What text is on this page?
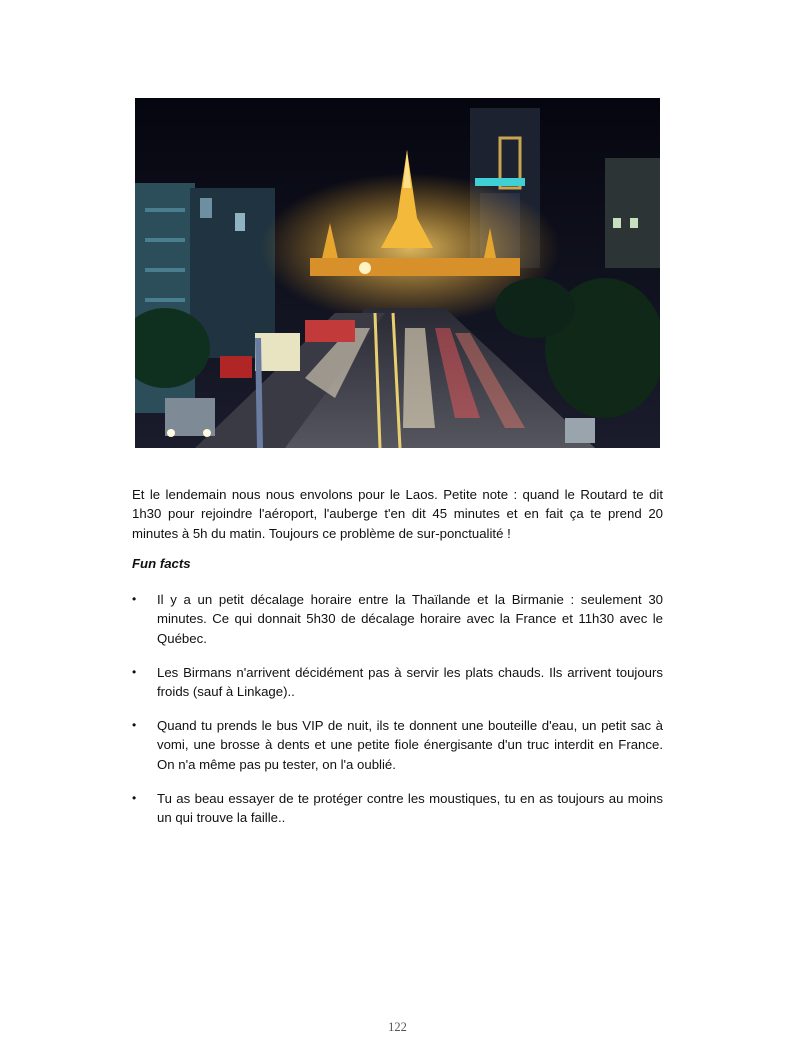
Et le lendemain nous nous envolons pour le Laos. Petite note : quand le Routard te dit 1h30 pour rejoindre l'aéroport, l'auberge t'en dit 45 minutes et en fait ça te prend 20 minutes à 5h du matin. Toujours ce problème de sur-ponctualité !
Fun facts
• Il y a un petit décalage horaire entre la Thaïlande et la Birmanie : seulement 30 minutes. Ce qui donnait 5h30 de décalage horaire avec la France et 11h30 avec le Québec.
• Les Birmans n'arrivent décidément pas à servir les plats chauds. Ils arrivent toujours froids (sauf à Linkage)..
• Quand tu prends le bus VIP de nuit, ils te donnent une bouteille d'eau, un petit sac à vomi, une brosse à dents et une petite fiole énergisante d'un truc interdit en France. On n'a même pas pu tester, on l'a oublié.
• Tu as beau essayer de te protéger contre les moustiques, tu en as toujours au moins un qui trouve la faille..
122
